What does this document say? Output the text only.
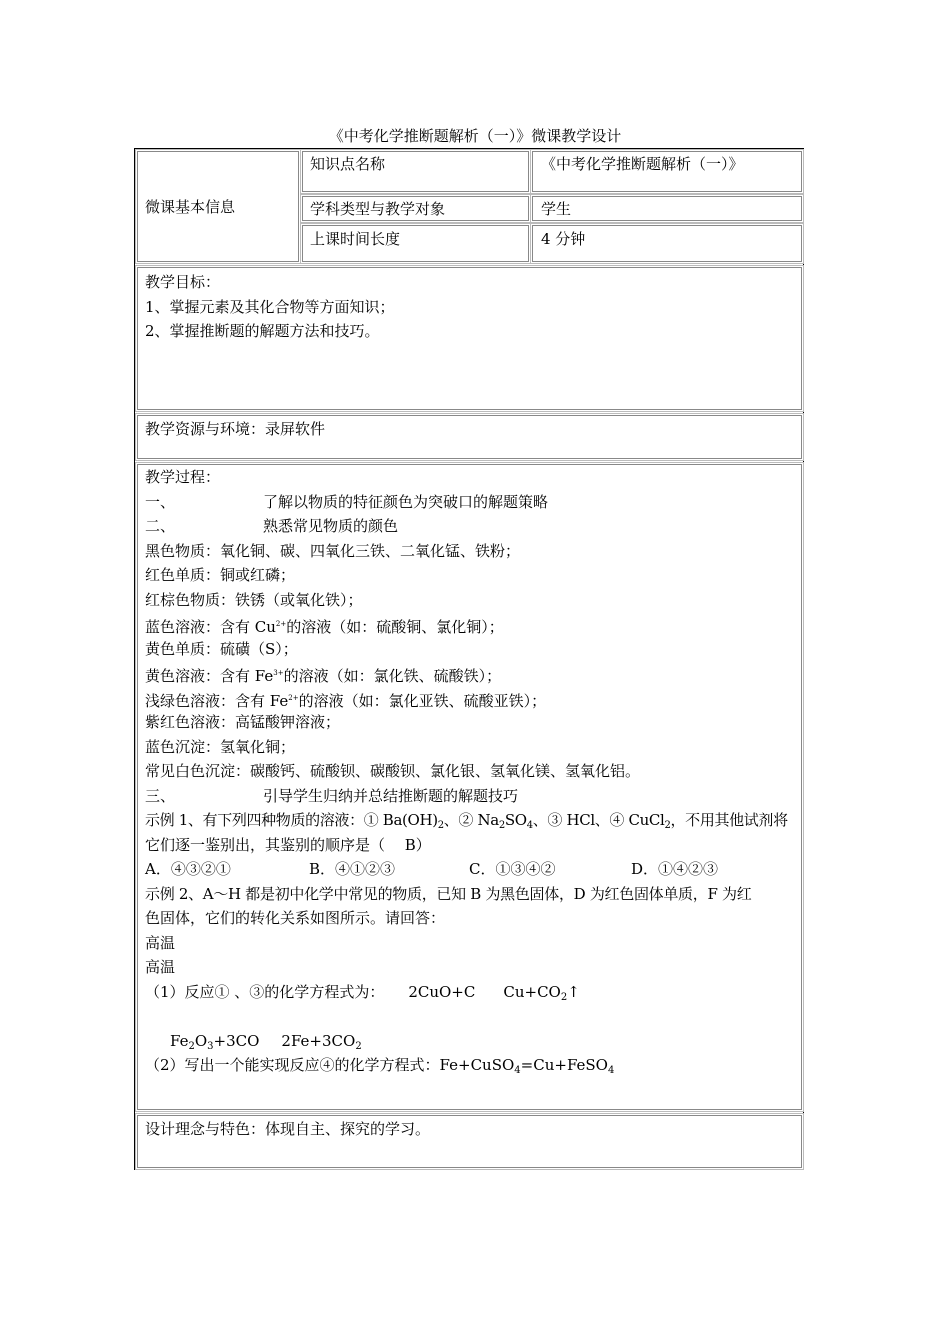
《中考化学推断题解析（一）》微课教学设计
微课基本信息
知识点名称	《中考化学推断题解析（一）》
学科类型与教学对象	学生
上课时间长度	4 分钟
教学目标：
1、掌握元素及其化合物等方面知识；
2、掌握推断题的解题方法和技巧。
教学资源与环境：录屏软件
教学过程：
一、	了解以物质的特征颜色为突破口的解题策略
二、	熟悉常见物质的颜色
黑色物质：氧化铜、碳、四氧化三铁、二氧化锰、铁粉；
红色单质：铜或红磷；
红棕色物质：铁锈（或氧化铁）；
蓝色溶液：含有 $Cu^{2+}$的溶液（如：硫酸铜、氯化铜）；
黄色单质：硫磺（S）；
黄色溶液：含有 $Fe^{3+}$的溶液（如：氯化铁、硫酸铁）；
浅绿色溶液：含有 $Fe^{2+}$的溶液（如：氯化亚铁、硫酸亚铁）；
紫红色溶液：高锰酸钾溶液；
蓝色沉淀：氢氧化铜；
常见白色沉淀：碳酸钙、硫酸钡、碳酸钡、氯化银、氢氧化镁、氢氧化铝。
三、	引导学生归纳并总结推断题的解题技巧
示例 1、有下列四种物质的溶液：① $Ba(OH)_2$、② $Na_2SO_4$、③ HCl、④ CuCl$_2$，不用其他试剂将
它们逐一鉴别出，其鉴别的顺序是（　 B）
A．④③②①	B．④①②③	C．①③④②	D．①④②③
示例 2、A～H 都是初中化学中常见的物质，已知 B 为黑色固体，D 为红色固体单质，F 为红
色固体，它们的转化关系如图所示。请回答：
高温
高温
（1）反应① 、③的化学方程式为： 2CuO+C $Cu+CO_2↑$
$Fe_2O_3+3CO$ $2Fe+3CO_2$
（2）写出一个能实现反应④的化学方程式：Fe+CuSO$_4$=Cu+FeSO$_4$
设计理念与特色：体现自主、探究的学习。
